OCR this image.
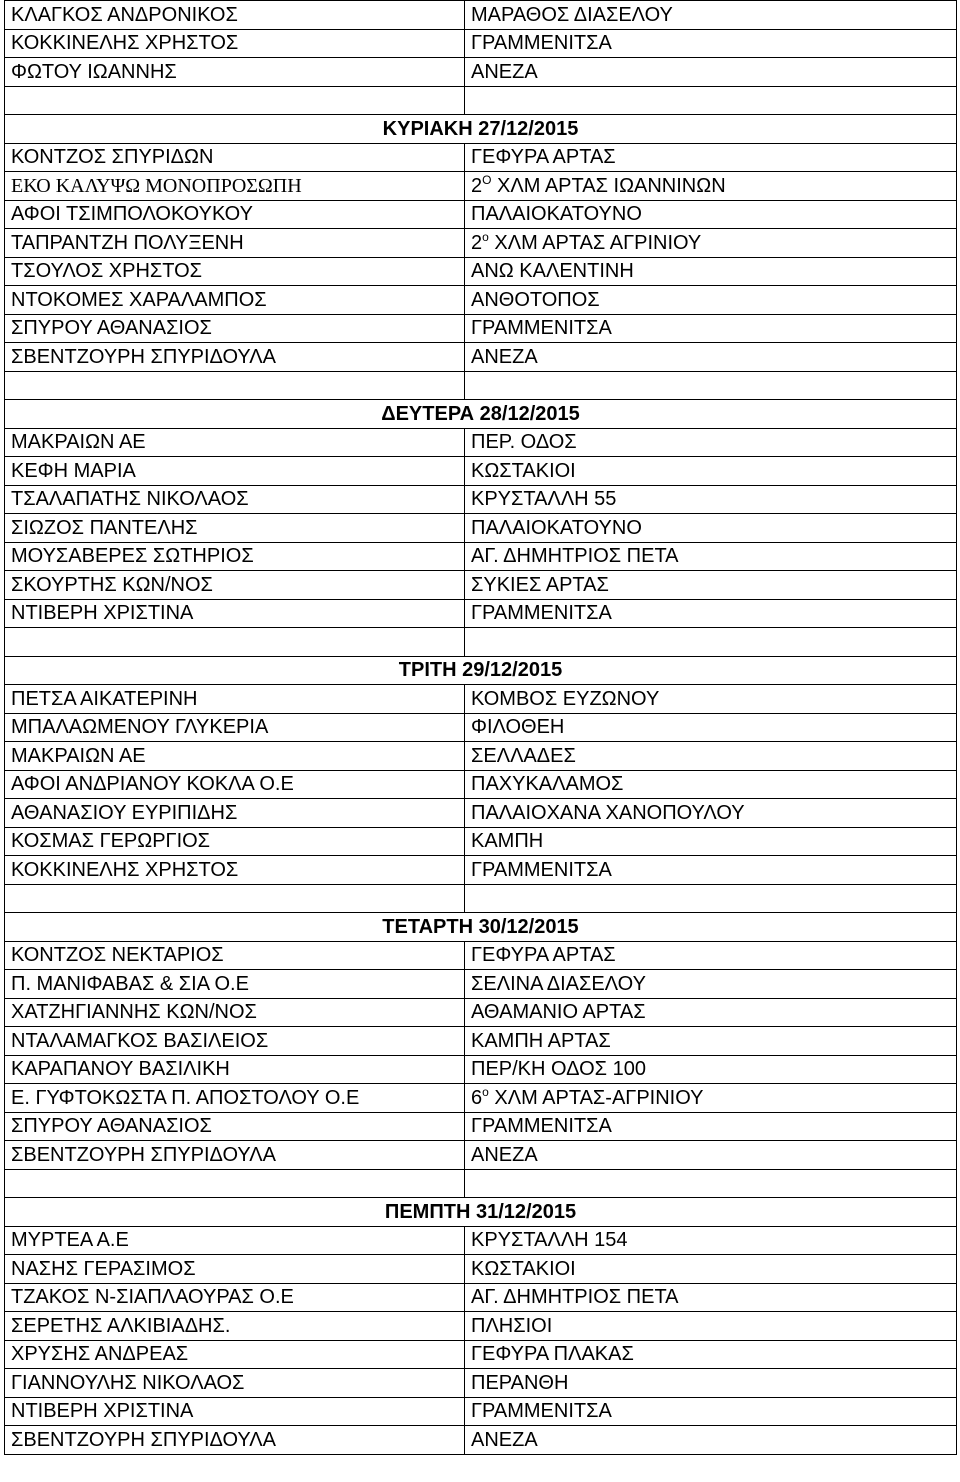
ΚΛΑΓΚΟΣ ΑΝΔΡΟΝΙΚΟΣ	ΜΑΡΑΘΟΣ ΔΙΑΣΕΛΟΥ
ΚΟΚΚΙΝΕΛΗΣ ΧΡΗΣΤΟΣ	ΓΡΑΜΜΕΝΙΤΣΑ
ΦΩΤΟΥ ΙΩΑΝΝΗΣ	ΑΝΕΖΑ

ΚΥΡΙΑΚΗ 27/12/2015	
ΚΟΝΤΖΟΣ ΣΠΥΡΙΔΩΝ	ΓΕΦΥΡΑ ΑΡΤΑΣ
ΕΚΟ ΚΑΛΥΨΩ ΜΟΝΟΠΡΟΣΩΠΗ	$2^O$ ΧΛΜ ΑΡΤΑΣ ΙΩΑΝΝΙΝΩΝ
ΑΦΟΙ ΤΣΙΜΠΟΛΟΚΟΥΚΟΥ	ΠΑΛΑΙΟΚΑΤΟΥΝΟ
ΤΑΠΡΑΝΤΖΗ ΠΟΛΥΞΕΝΗ	$2^o$ ΧΛΜ ΑΡΤΑΣ ΑΓΡΙΝΙΟΥ
ΤΣΟΥΛΟΣ ΧΡΗΣΤΟΣ	ΑΝΩ ΚΑΛΕΝΤΙΝΗ
ΝΤΟΚΟΜΕΣ ΧΑΡΑΛΑΜΠΟΣ	ΑΝΘΟΤΟΠΟΣ
ΣΠΥΡΟΥ ΑΘΑΝΑΣΙΟΣ	ΓΡΑΜΜΕΝΙΤΣΑ
ΣΒΕΝΤΖΟΥΡΗ ΣΠΥΡΙΔΟΥΛΑ	ΑΝΕΖΑ

ΔΕΥΤΕΡΑ 28/12/2015	
ΜΑΚΡΑΙΩΝ ΑΕ	ΠΕΡ. ΟΔΟΣ
ΚΕΦΗ ΜΑΡΙΑ	ΚΩΣΤΑΚΙΟΙ
ΤΣΑΛΑΠΑΤΗΣ ΝΙΚΟΛΑΟΣ	ΚΡΥΣΤΑΛΛΗ 55
ΣΙΩΖΟΣ ΠΑΝΤΕΛΗΣ	ΠΑΛΑΙΟΚΑΤΟΥΝΟ
ΜΟΥΣΑΒΕΡΕΣ ΣΩΤΗΡΙΟΣ	ΑΓ. ΔΗΜΗΤΡΙΟΣ ΠΕΤΑ
ΣΚΟΥΡΤΗΣ ΚΩΝ/ΝΟΣ	ΣΥΚΙΕΣ ΑΡΤΑΣ
ΝΤΙΒΕΡΗ ΧΡΙΣΤΙΝΑ	ΓΡΑΜΜΕΝΙΤΣΑ

ΤΡΙΤΗ 29/12/2015	
ΠΕΤΣΑ ΑΙΚΑΤΕΡΙΝΗ	ΚΟΜΒΟΣ ΕΥΖΩΝΟΥ
ΜΠΑΛΑΩΜΕΝΟΥ ΓΛΥΚΕΡΙΑ	ΦΙΛΟΘΕΗ
ΜΑΚΡΑΙΩΝ ΑΕ	ΣΕΛΛΑΔΕΣ
ΑΦΟΙ ΑΝΔΡΙΑΝΟΥ ΚΟΚΛΑ Ο.Ε	ΠΑΧΥΚΑΛΑΜΟΣ
ΑΘΑΝΑΣΙΟΥ ΕΥΡΙΠΙΔΗΣ	ΠΑΛΑΙΟΧΑΝΑ ΧΑΝΟΠΟΥΛΟΥ
ΚΟΣΜΑΣ ΓΕΡΩΡΓΙΟΣ	ΚΑΜΠΗ
ΚΟΚΚΙΝΕΛΗΣ ΧΡΗΣΤΟΣ	ΓΡΑΜΜΕΝΙΤΣΑ

ΤΕΤΑΡΤΗ 30/12/2015	
ΚΟΝΤΖΟΣ ΝΕΚΤΑΡΙΟΣ	ΓΕΦΥΡΑ ΑΡΤΑΣ
Π. ΜΑΝΙΦΑΒΑΣ & ΣΙΑ Ο.Ε	ΣΕΛΙΝΑ ΔΙΑΣΕΛΟΥ
ΧΑΤΖΗΓΙΑΝΝΗΣ ΚΩΝ/ΝΟΣ	ΑΘΑΜΑΝΙΟ ΑΡΤΑΣ
ΝΤΑΛΑΜΑΓΚΟΣ ΒΑΣΙΛΕΙΟΣ	ΚΑΜΠΗ ΑΡΤΑΣ
ΚΑΡΑΠΑΝΟΥ ΒΑΣΙΛΙΚΗ	ΠΕΡ/ΚΗ ΟΔΟΣ 100
Ε. ΓΥΦΤΟΚΩΣΤΑ Π. ΑΠΟΣΤΟΛΟΥ Ο.Ε	$6^o$ ΧΛΜ ΑΡΤΑΣ-ΑΓΡΙΝΙΟΥ
ΣΠΥΡΟΥ ΑΘΑΝΑΣΙΟΣ	ΓΡΑΜΜΕΝΙΤΣΑ
ΣΒΕΝΤΖΟΥΡΗ ΣΠΥΡΙΔΟΥΛΑ	ΑΝΕΖΑ

ΠΕΜΠΤΗ 31/12/2015	
ΜΥΡΤΕΑ Α.Ε	ΚΡΥΣΤΑΛΛΗ 154
ΝΑΣΗΣ ΓΕΡΑΣΙΜΟΣ	ΚΩΣΤΑΚΙΟΙ
ΤΖΑΚΟΣ Ν-ΣΙΑΠΛΑΟΥΡΑΣ Ο.Ε	ΑΓ. ΔΗΜΗΤΡΙΟΣ ΠΕΤΑ
ΣΕΡΕΤΗΣ ΑΛΚΙΒΙΑΔΗΣ.	ΠΛΗΣΙΟΙ
ΧΡΥΣΗΣ ΑΝΔΡΕΑΣ	ΓΕΦΥΡΑ ΠΛΑΚΑΣ
ΓΙΑΝΝΟΥΛΗΣ ΝΙΚΟΛΑΟΣ	ΠΕΡΑΝΘΗ
ΝΤΙΒΕΡΗ ΧΡΙΣΤΙΝΑ	ΓΡΑΜΜΕΝΙΤΣΑ
ΣΒΕΝΤΖΟΥΡΗ ΣΠΥΡΙΔΟΥΛΑ	ΑΝΕΖΑ
